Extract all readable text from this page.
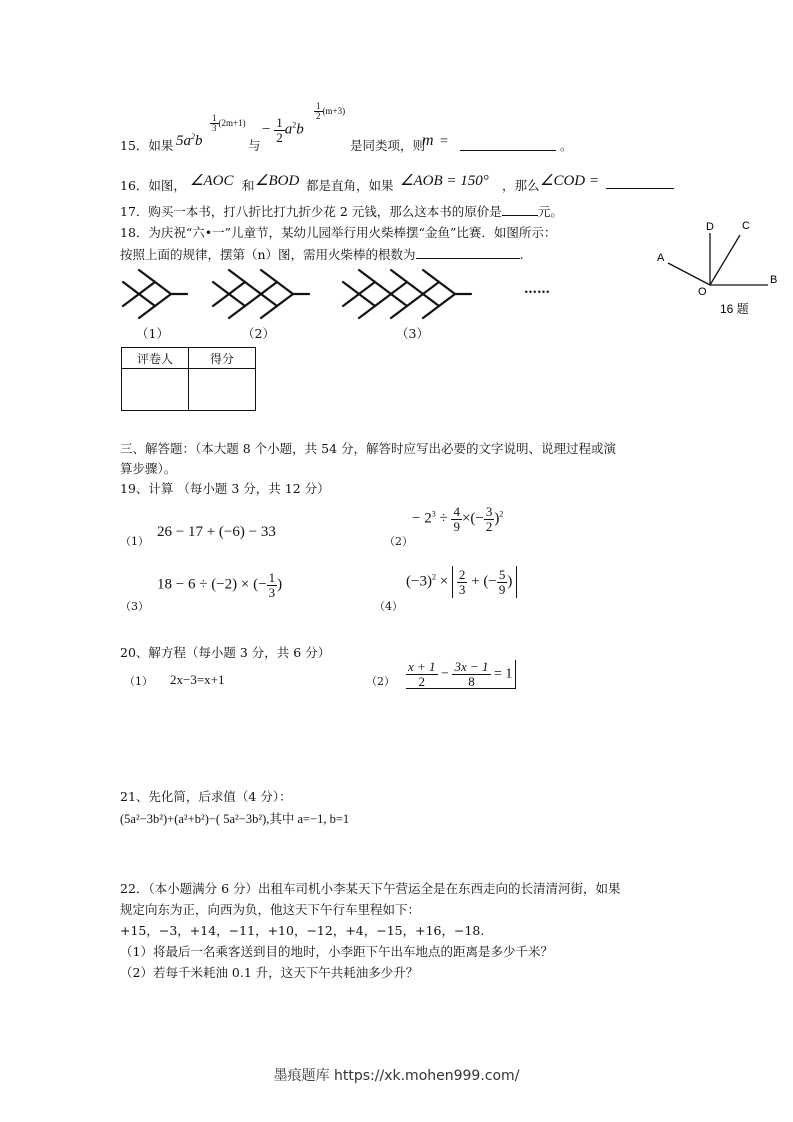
15．如果 $5a^2b$
$\frac{1}{3} (2m+1)$
与
− $\frac{1}{2} a^2b$
$\frac{1}{2} (m+3)$
是同类项，则
m =	。
16．如图， ∠AOC 和 ∠BOD 都是直角，如果 ∠AOB = 150° ，那么 ∠COD =
17．购买一本书，打八折比打九折少花 2 元钱，那么这本书的原价是	元。
18．为庆祝“六•一”儿童节，某幼儿园举行用火柴棒摆“金鱼”比赛．如图所示：
按照上面的规律，摆第（n）图，需用火柴棒的根数为	.
……
（1）	（2）	（3）
D	C
A
O
B
16 题
评卷人	得分

三、解答题：（本大题 8 个小题，共 54 分，解答时应写出必要的文字说明、说理过程或演
算步骤）。
19、计算 （每小题 3 分，共 12 分）
（1）
26 − 17 + (−6) − 33
（2）
− $2^3 \div \frac{4}{9}$ ×(− $\frac{3}{2} )^2$
（3）
18 − 6 ÷ (−2) × (− $\frac{1}{3}$ )
（4）
$(-3)^2 \times \frac{2}{3}$ + (− $\frac{5}{9}$ )
20、解方程（每小题 3 分，共 6 分）
（1） 2x−3=x+1	$(2) \frac{x + 1}{2} - \frac{3x - 1}{8} = 1$
21、先化简，后求值（4 分）：
(5a²−3b²)+(a²+b²)−( 5a²−3b²),其中 a=−1, b=1
22．（本小题满分 6 分）出租车司机小李某天下午营运全是在东西走向的长清清河街，如果
规定向东为正，向西为负，他这天下午行车里程如下：
+15，−3，+14，−11，+10，−12，+4，−15，+16，−18.
（1）将最后一名乘客送到目的地时，小李距下午出车地点的距离是多少千米？
（2）若每千米耗油 0.1 升，这天下午共耗油多少升？
墨痕题库 https://xk.mohen999.com/
